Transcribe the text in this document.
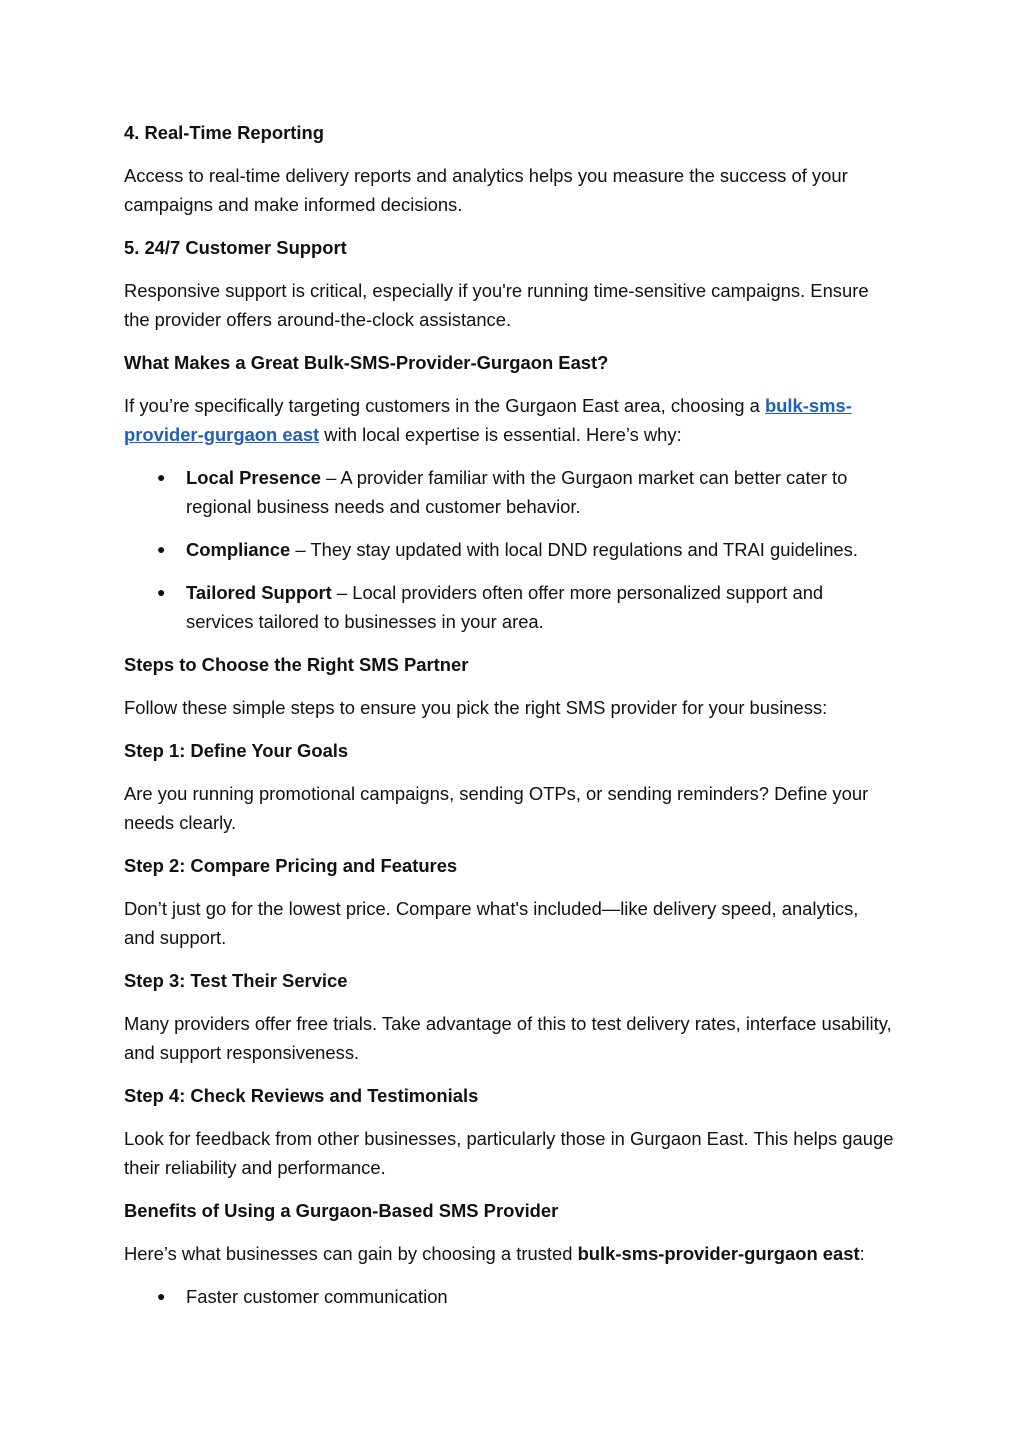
4. Real-Time Reporting
Access to real-time delivery reports and analytics helps you measure the success of your campaigns and make informed decisions.
5. 24/7 Customer Support
Responsive support is critical, especially if you're running time-sensitive campaigns. Ensure the provider offers around-the-clock assistance.
What Makes a Great Bulk-SMS-Provider-Gurgaon East?
If you’re specifically targeting customers in the Gurgaon East area, choosing a bulk-sms-provider-gurgaon east with local expertise is essential. Here’s why:
● Local Presence – A provider familiar with the Gurgaon market can better cater to regional business needs and customer behavior.
● Compliance – They stay updated with local DND regulations and TRAI guidelines.
● Tailored Support – Local providers often offer more personalized support and services tailored to businesses in your area.
Steps to Choose the Right SMS Partner
Follow these simple steps to ensure you pick the right SMS provider for your business:
Step 1: Define Your Goals
Are you running promotional campaigns, sending OTPs, or sending reminders? Define your needs clearly.
Step 2: Compare Pricing and Features
Don’t just go for the lowest price. Compare what's included—like delivery speed, analytics, and support.
Step 3: Test Their Service
Many providers offer free trials. Take advantage of this to test delivery rates, interface usability, and support responsiveness.
Step 4: Check Reviews and Testimonials
Look for feedback from other businesses, particularly those in Gurgaon East. This helps gauge their reliability and performance.
Benefits of Using a Gurgaon-Based SMS Provider
Here’s what businesses can gain by choosing a trusted bulk-sms-provider-gurgaon east:
● Faster customer communication
